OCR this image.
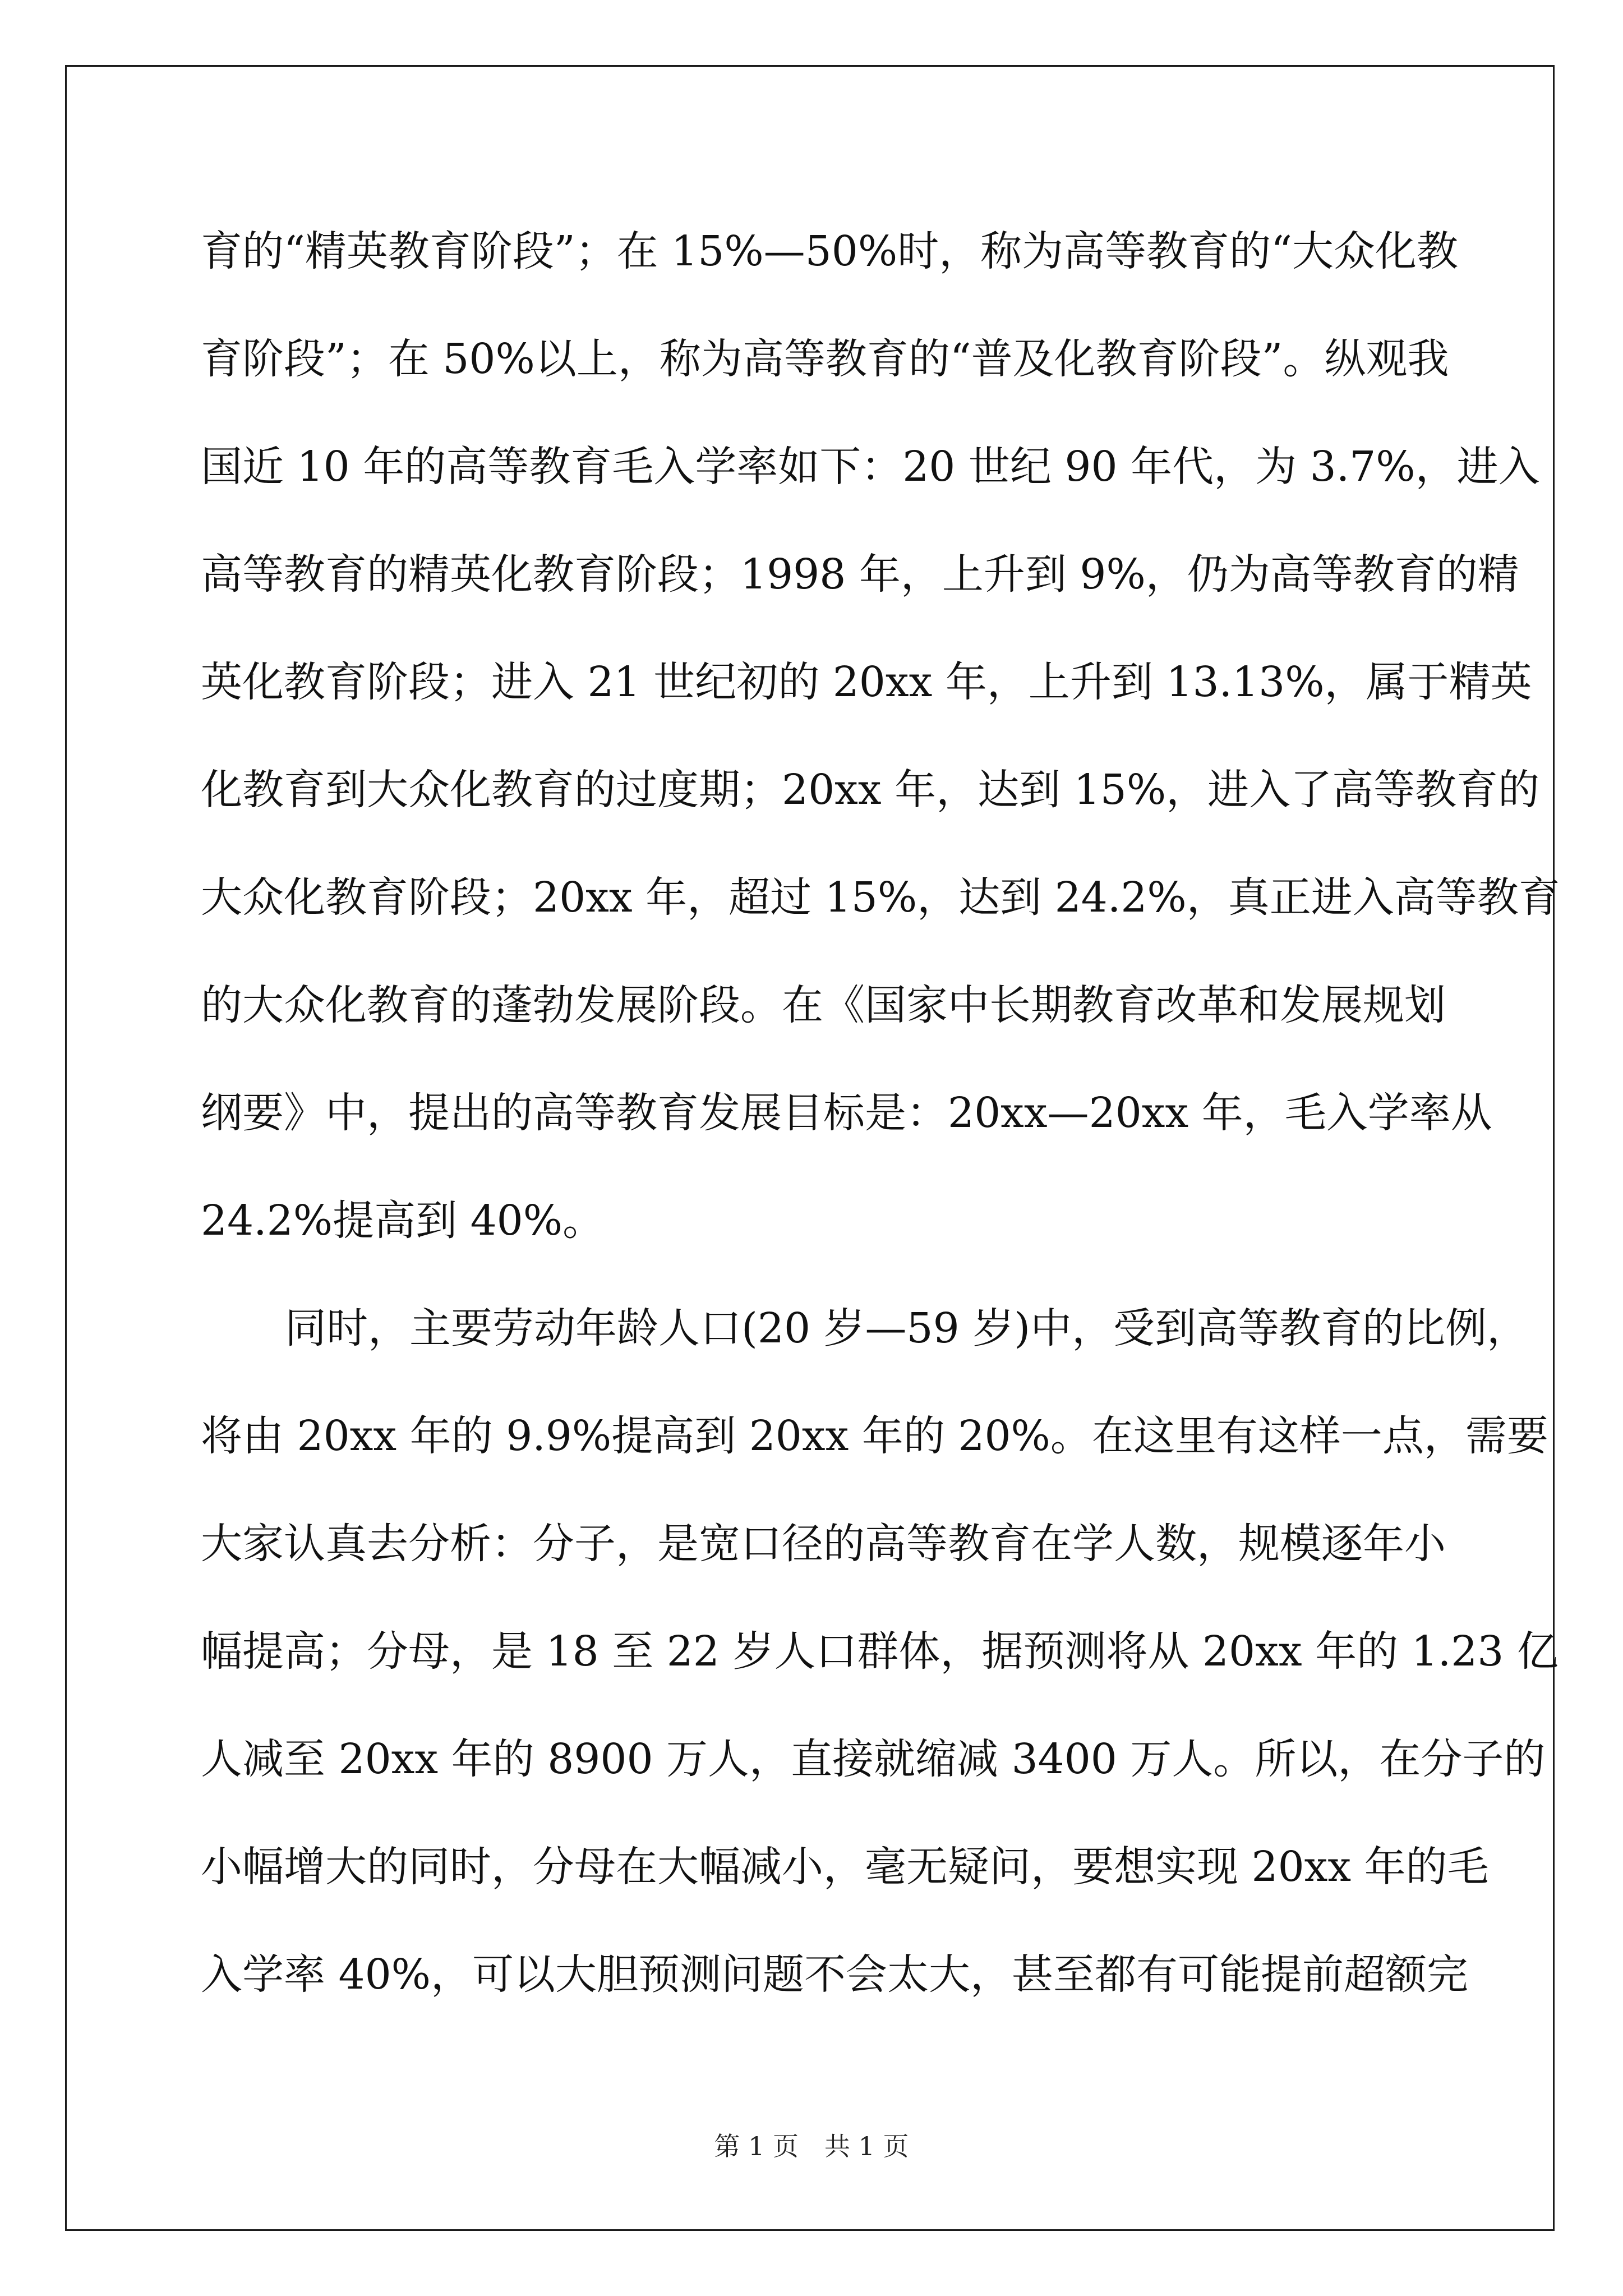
育的“精英教育阶段”；在 15%—50%时，称为高等教育的“大众化教
育阶段”；在 50%以上，称为高等教育的“普及化教育阶段”。纵观我
国近 10 年的高等教育毛入学率如下：20 世纪 90 年代，为 3.7%，进入
高等教育的精英化教育阶段；1998 年，上升到 9%，仍为高等教育的精
英化教育阶段；进入 21 世纪初的 20xx 年，上升到 13.13%，属于精英
化教育到大众化教育的过度期；20xx 年，达到 15%，进入了高等教育的
大众化教育阶段；20xx 年，超过 15%，达到 24.2%，真正进入高等教育
的大众化教育的蓬勃发展阶段。在《国家中长期教育改革和发展规划
纲要》中，提出的高等教育发展目标是：20xx—20xx 年，毛入学率从
24.2%提高到 40%。
同时，主要劳动年龄人口(20 岁—59 岁)中，受到高等教育的比例，
将由 20xx 年的 9.9%提高到 20xx 年的 20%。在这里有这样一点，需要
大家认真去分析：分子，是宽口径的高等教育在学人数，规模逐年小
幅提高；分母，是 18 至 22 岁人口群体，据预测将从 20xx 年的 1.23 亿
人减至 20xx 年的 8900 万人，直接就缩减 3400 万人。所以，在分子的
小幅增大的同时，分母在大幅减小，毫无疑问，要想实现 20xx 年的毛
入学率 40%，可以大胆预测问题不会太大，甚至都有可能提前超额完
第 1 页　共 1 页
